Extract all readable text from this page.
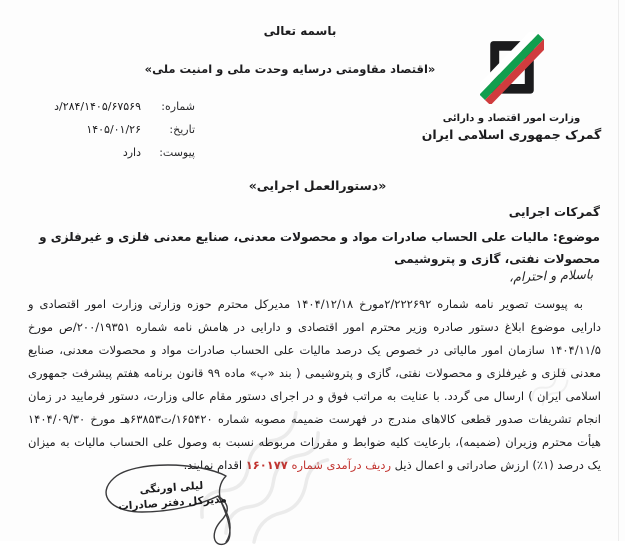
باسمه تعالی
«اقتصاد مقاومتی درسایه وحدت ملی و امنیت ملی»
وزارت امور اقتصاد و دارائی
گمرک جمهوری اسلامی ایران
شماره:
۲۸۴/۱۴۰۵/۶۷۵۶۹/د
تاریخ:
۱۴۰۵/۰۱/۲۶
پیوست:
دارد
«دستورالعمل اجرایی»
گمرکات اجرایی
موضوع: مالیات علی الحساب صادرات مواد و محصولات معدنی، صنایع معدنی فلزی و غیرفلزی و محصولات نفتی، گازی و پتروشیمی
باسلام و احترام،

به پیوست تصویر نامه شماره ۲/۲۲۲۶۹۲مورخ ۱۴۰۴/۱۲/۱۸ مدیرکل محترم حوزه وزارتی وزارت امور اقتصادی و دارایی موضوع ابلاغ دستور صادره وزیر محترم امور اقتصادی و دارایی در هامش نامه شماره ۲۰۰/۱۹۳۵۱/ص مورخ ۱۴۰۴/۱۱/۵ سازمان امور مالیاتی در خصوص یک درصد مالیات علی الحساب صادرات مواد و محصولات معدنی، صنایع معدنی فلزی و غیرفلزی و محصولات نفتی، گازی و پتروشیمی ( بند «پ» ماده ۹۹ قانون برنامه هفتم پیشرفت جمهوری اسلامی ایران ) ارسال می گردد. با عنایت به مراتب فوق و در اجرای دستور مقام عالی وزارت، دستور فرمایید در زمان انجام تشریفات صدور قطعی کالاهای مندرج در فهرست ضمیمه مصوبه شماره ۱۶۵۴۲۰/ت۶۳۸۵۳هـ مورخ ۱۴۰۴/۰۹/۳۰ هیأت محترم وزیران (ضمیمه)، بارعایت کلیه ضوابط و مقررات مربوطه نسبت به وصول علی الحساب مالیات به میزان یک درصد (۱٪) ارزش صادراتی و اعمال ذیل ردیف درآمدی شماره ۱۶۰۱۷۷ اقدام نمایند.

لیلی اورنگی
مدیرکل دفتر صادرات
